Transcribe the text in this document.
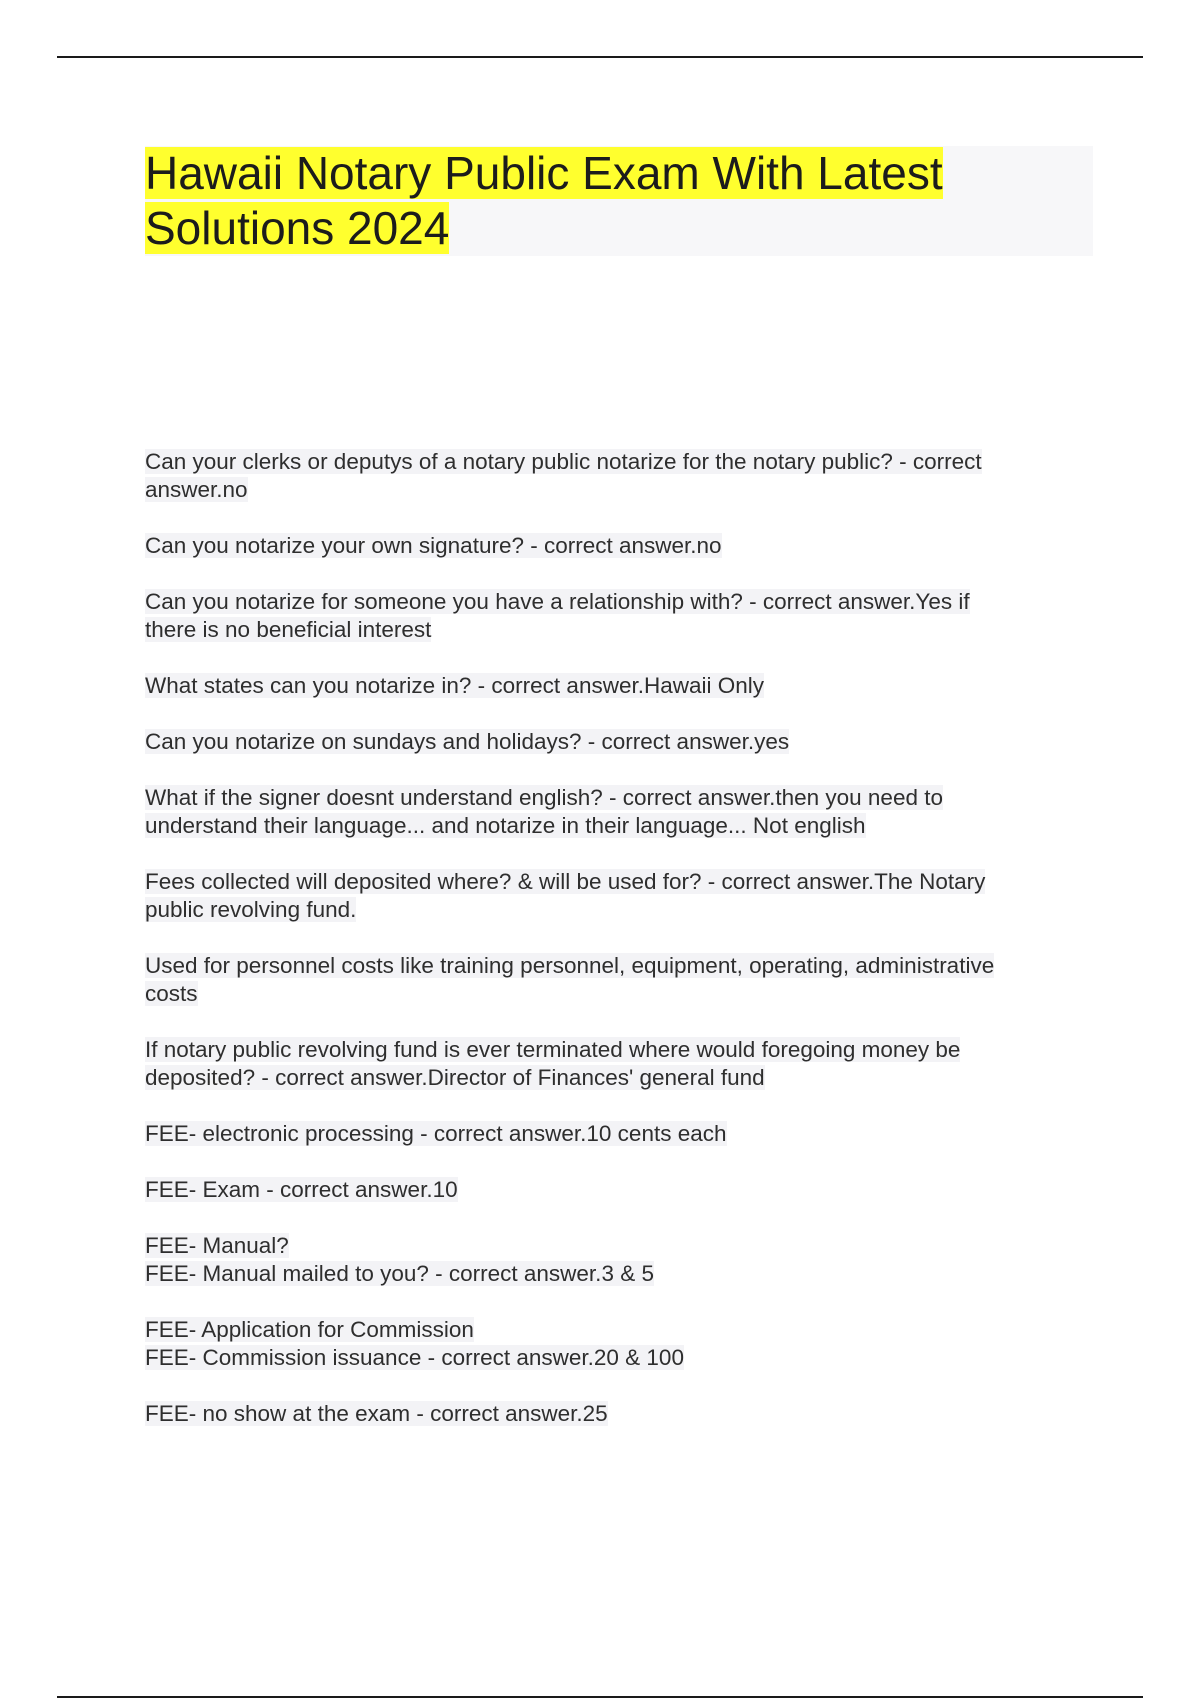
Hawaii Notary Public Exam With Latest
Solutions 2024

Can your clerks or deputys of a notary public notarize for the notary public? - correct
answer.no

Can you notarize your own signature? - correct answer.no

Can you notarize for someone you have a relationship with? - correct answer.Yes if
there is no beneficial interest

What states can you notarize in? - correct answer.Hawaii Only

Can you notarize on sundays and holidays? - correct answer.yes

What if the signer doesnt understand english? - correct answer.then you need to
understand their language... and notarize in their language... Not english

Fees collected will deposited where? & will be used for? - correct answer.The Notary
public revolving fund.

Used for personnel costs like training personnel, equipment, operating, administrative
costs

If notary public revolving fund is ever terminated where would foregoing money be
deposited? - correct answer.Director of Finances' general fund

FEE- electronic processing - correct answer.10 cents each

FEE- Exam - correct answer.10

FEE- Manual?
FEE- Manual mailed to you? - correct answer.3 & 5

FEE- Application for Commission
FEE- Commission issuance - correct answer.20 & 100

FEE- no show at the exam - correct answer.25
